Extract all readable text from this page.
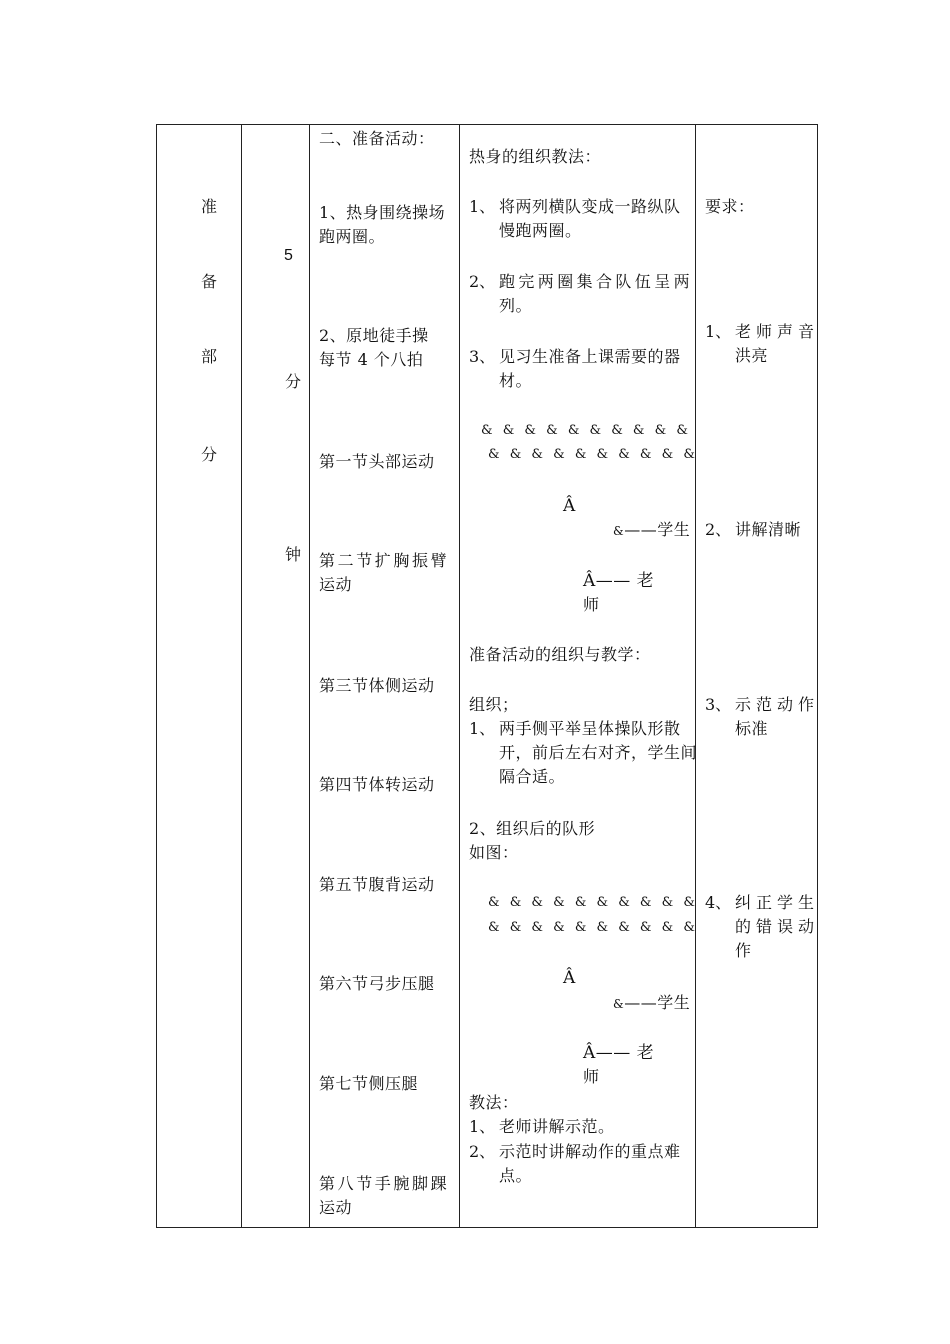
准
备
部
分
5
分
钟
二、准备活动：
1、热身围绕操场
跑两圈。
2、原地徒手操
每节 4 个八拍
第一节头部运动
第二节扩胸振臂
运动
第三节体侧运动
第四节体转运动
第五节腹背运动
第六节弓步压腿
第七节侧压腿
第八节手腕脚踝
运动
热身的组织教法：
1、 将两列横队变成一路纵队
慢跑两圈。
2、 跑完两圈集合队伍呈两
列。
3、 见习生准备上课需要的器
材。
& & & & & & & & & &
& & & & & & & & & &
Â
&——学生
Â—— 老
师
准备活动的组织与教学：
组织；
1、 两手侧平举呈体操队形散
开，前后左右对齐，学生间
隔合适。
2、组织后的队形
如图：
& & & & & & & & & &
& & & & & & & & & &
Â
&——学生
Â—— 老
师
教法：
1、 老师讲解示范。
2、 示范时讲解动作的重点难
点。
要求：
1、 老师声音
洪亮
2、 讲解清晰
3、 示范动作
标准
4、 纠正学生
的错误动
作
